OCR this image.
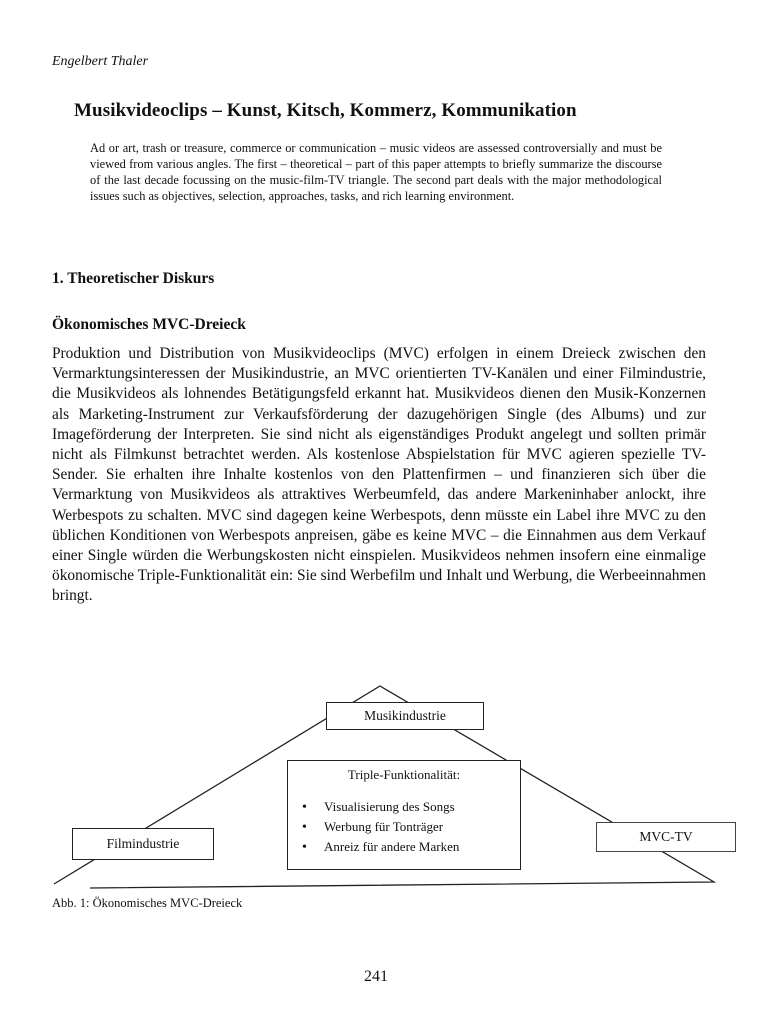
Engelbert Thaler
Musikvideoclips – Kunst, Kitsch, Kommerz, Kommunikation
Ad or art, trash or treasure, commerce or communication – music videos are assessed controversially and must be viewed from various angles. The first – theoretical – part of this paper attempts to briefly summarize the discourse of the last decade focussing on the music-film-TV triangle. The second part deals with the major methodological issues such as objectives, selection, approaches, tasks, and rich learning environment.
1. Theoretischer Diskurs
Ökonomisches MVC-Dreieck
Produktion und Distribution von Musikvideoclips (MVC) erfolgen in einem Dreieck zwischen den Vermarktungsinteressen der Musikindustrie, an MVC orientierten TV-Kanälen und einer Filmindustrie, die Musikvideos als lohnendes Betätigungsfeld erkannt hat. Musikvideos dienen den Musik-Konzernen als Marketing-Instrument zur Verkaufsförderung der dazugehörigen Single (des Albums) und zur Imageförderung der Interpreten. Sie sind nicht als eigenständiges Produkt angelegt und sollten primär nicht als Filmkunst betrachtet werden. Als kostenlose Abspielstation für MVC agieren spezielle TV-Sender. Sie erhalten ihre Inhalte kostenlos von den Plattenfirmen – und finanzieren sich über die Vermarktung von Musikvideos als attraktives Werbeumfeld, das andere Markeninhaber anlockt, ihre Werbespots zu schalten. MVC sind dagegen keine Werbespots, denn müsste ein Label ihre MVC zu den üblichen Konditionen von Werbespots anpreisen, gäbe es keine MVC – die Einnahmen aus dem Verkauf einer Single würden die Werbungskosten nicht einspielen. Musikvideos nehmen insofern eine einmalige ökonomische Triple-Funktionalität ein: Sie sind Werbefilm und Inhalt und Werbung, die Werbeeinnahmen bringt.
Musikindustrie
Triple-Funktionalität:
• Visualisierung des Songs
• Werbung für Tonträger
• Anreiz für andere Marken
Filmindustrie	MVC-TV
Abb. 1: Ökonomisches MVC-Dreieck
241
